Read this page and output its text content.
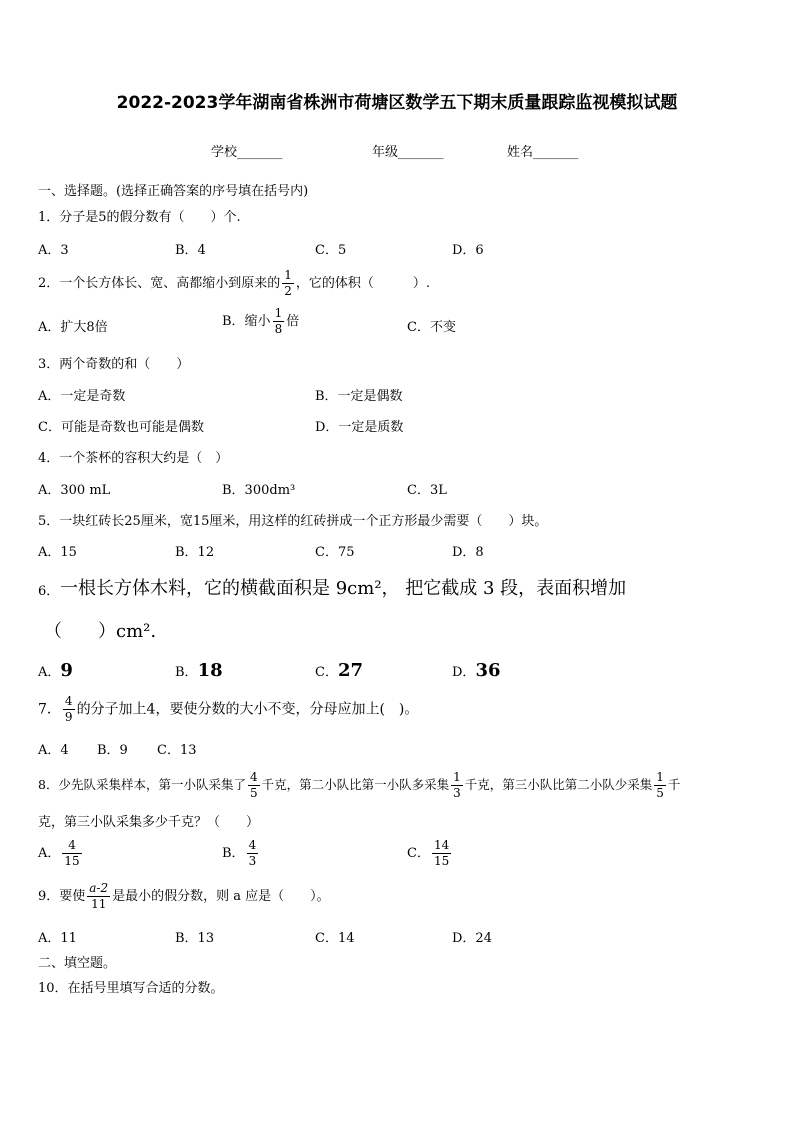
2022-2023学年湖南省株洲市荷塘区数学五下期末质量跟踪监视模拟试题
学校_______	年级_______	姓名_______
一、选择题。(选择正确答案的序号填在括号内)
1．分子是5的假分数有（　　）个.
A．3	B．4	C．5	D．6
2．一个长方体长、宽、高都缩小到原来的 $\frac{1}{2}$ ，它的体积（　　　）.
A．扩大8倍	B．缩小 $\frac{1}{8}$ 倍	C．不变
3．两个奇数的和（　　）
A．一定是奇数	B．一定是偶数
C．可能是奇数也可能是偶数	D．一定是质数
4．一个茶杯的容积大约是（　）
A．300 mL	B．300dm³	C．3L
5．一块红砖长25厘米，宽15厘米，用这样的红砖拼成一个正方形最少需要（　　）块。
A．15	B．12	C．75	D．8
6． 一根长方体木料，它的横截面积是 9cm²， 把它截成 3 段，表面积增加
（　　）cm².
A．9	B．18	C．27	D．36
7． $\frac{4}{9}$ 的分子加上4，要使分数的大小不变，分母应加上(　)。
A．4 B．9 C．13
8．少先队采集样本，第一小队采集了 $\frac{4}{5}$ 千克，第二小队比第一小队多采集 $\frac{1}{3}$ 千克，第三小队比第二小队少采集 $\frac{1}{5}$ 千
克，第三小队采集多少千克？（　　）
A． $\frac{4}{15}$	B． $\frac{4}{3}$	C． $\frac{14}{15}$
9．要使 $\frac{a-2}{11}$ 是最小的假分数，则 a 应是（　　）。
A．11	B．13	C．14	D．24
二、填空题。
10．在括号里填写合适的分数。
